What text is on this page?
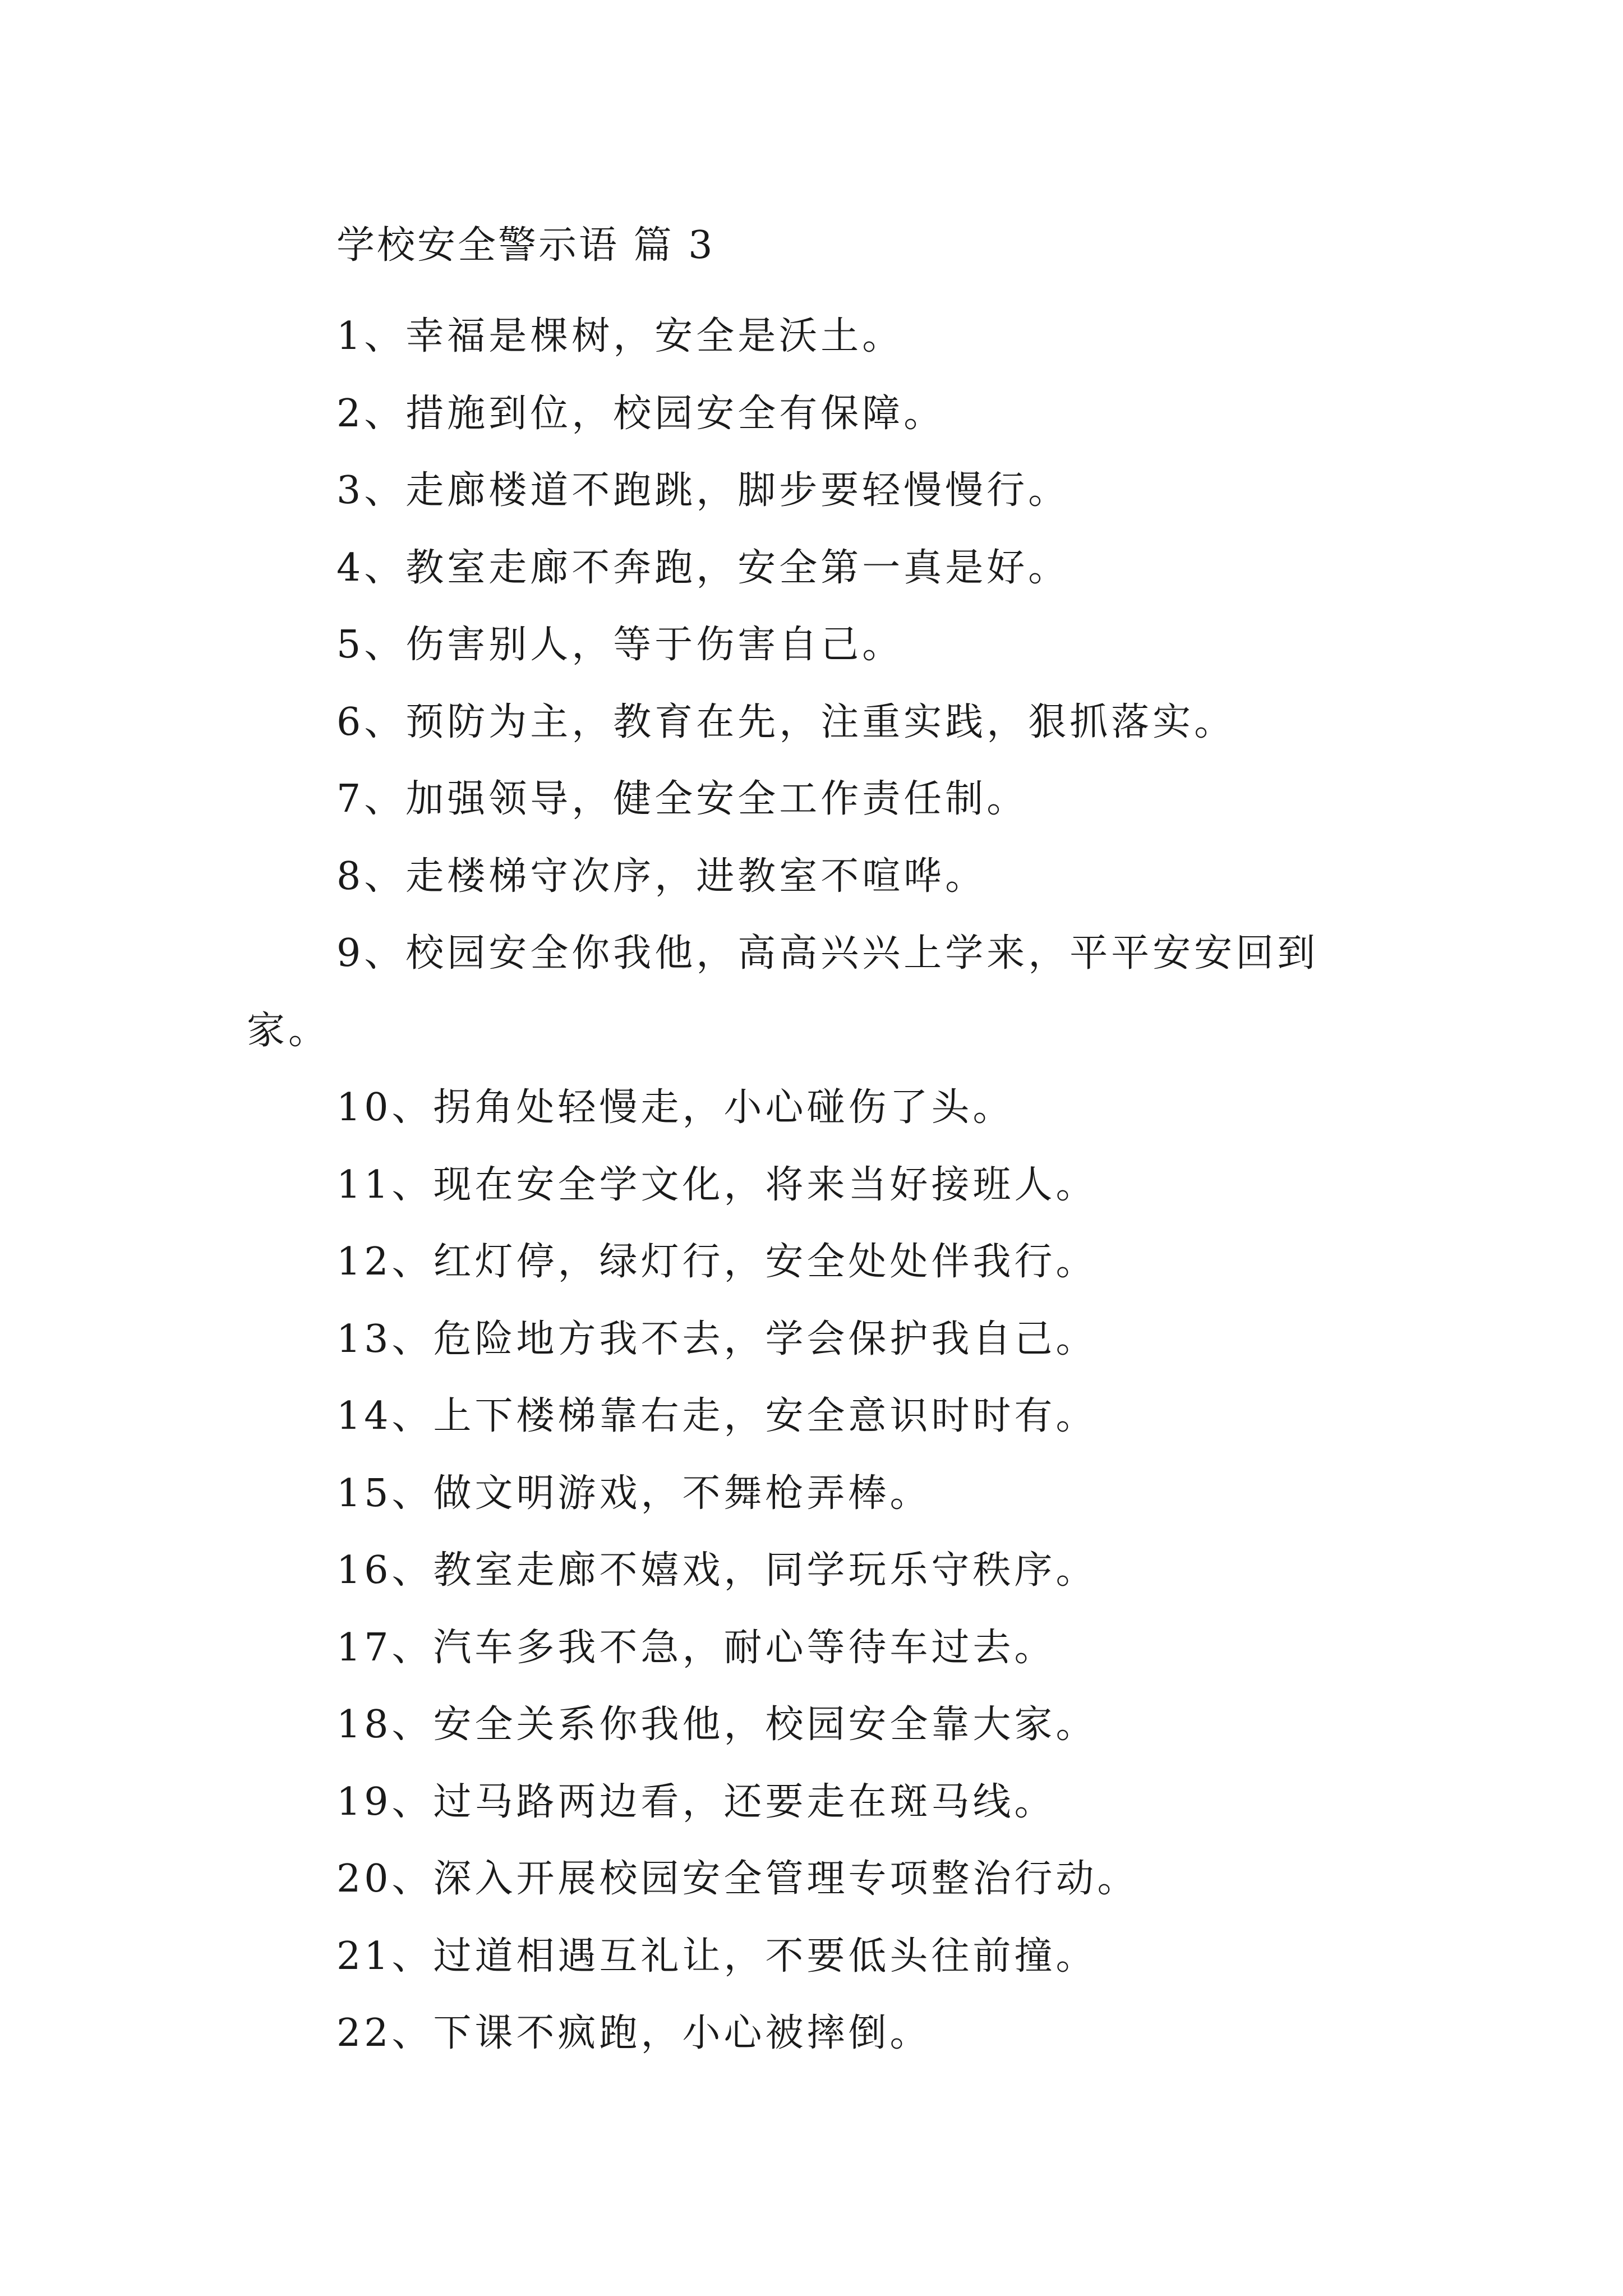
学校安全警示语 篇 3

1、幸福是棵树，安全是沃土。

2、措施到位，校园安全有保障。

3、走廊楼道不跑跳，脚步要轻慢慢行。

4、教室走廊不奔跑，安全第一真是好。

5、伤害别人，等于伤害自己。

6、预防为主，教育在先，注重实践，狠抓落实。

7、加强领导，健全安全工作责任制。

8、走楼梯守次序，进教室不喧哗。

9、校园安全你我他，高高兴兴上学来，平平安安回到家。

10、拐角处轻慢走，小心碰伤了头。

11、现在安全学文化，将来当好接班人。

12、红灯停，绿灯行，安全处处伴我行。

13、危险地方我不去，学会保护我自己。

14、上下楼梯靠右走，安全意识时时有。

15、做文明游戏，不舞枪弄棒。

16、教室走廊不嬉戏，同学玩乐守秩序。

17、汽车多我不急，耐心等待车过去。

18、安全关系你我他，校园安全靠大家。

19、过马路两边看，还要走在斑马线。

20、深入开展校园安全管理专项整治行动。

21、过道相遇互礼让，不要低头往前撞。

22、下课不疯跑，小心被摔倒。
